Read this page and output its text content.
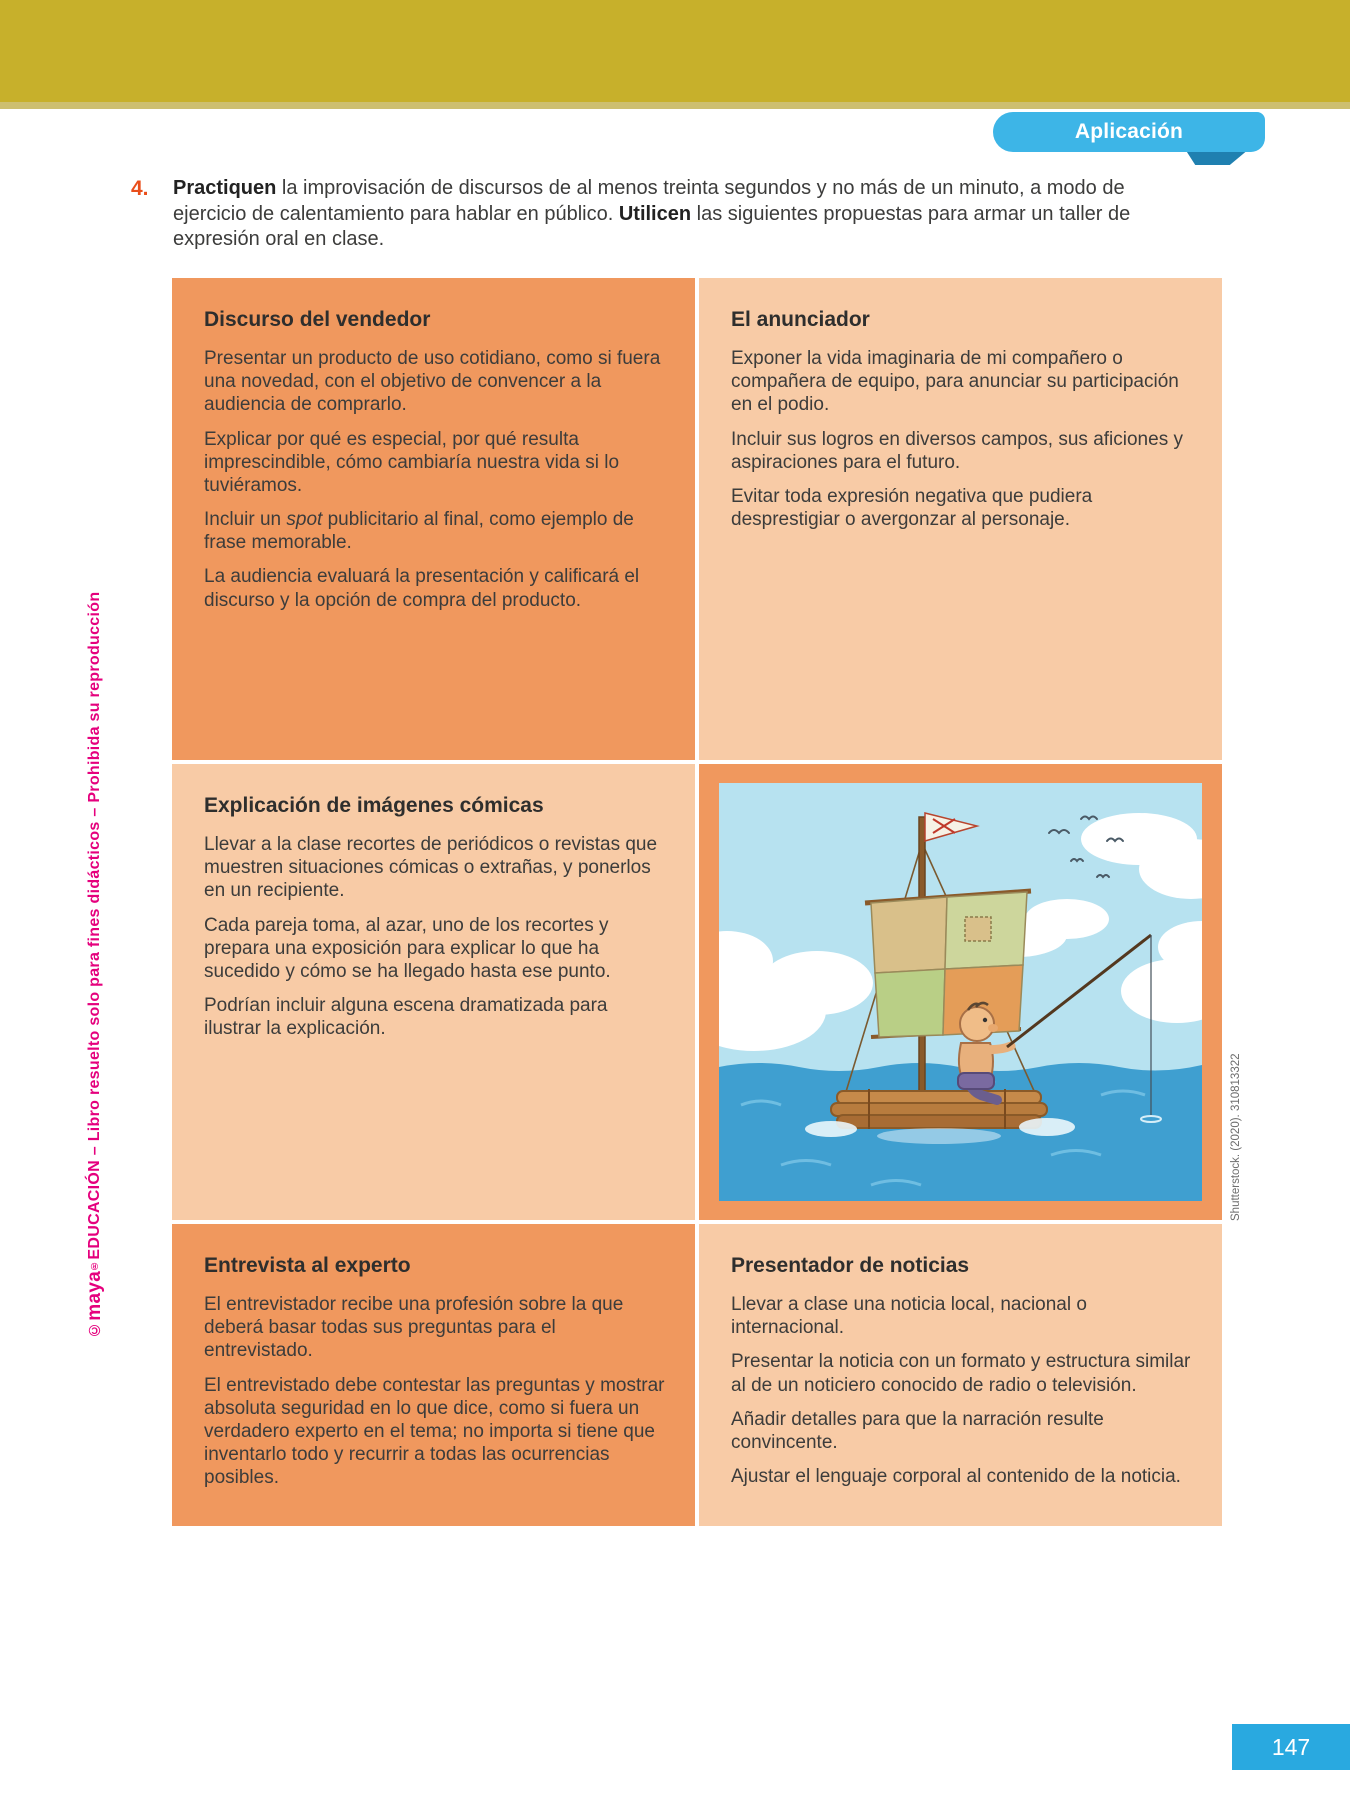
Aplicación
4. Practiquen la improvisación de discursos de al menos treinta segundos y no más de un minuto, a modo de ejercicio de calentamiento para hablar en público. Utilicen las siguientes propuestas para armar un taller de expresión oral en clase.

Discurso del vendedor

Presentar un producto de uso cotidiano, como si fuera una novedad, con el objetivo de convencer a la audiencia de comprarlo.

Explicar por qué es especial, por qué resulta imprescindible, cómo cambiaría nuestra vida si lo tuviéramos.

Incluir un spot publicitario al final, como ejemplo de frase memorable.

La audiencia evaluará la presentación y calificará el discurso y la opción de compra del producto.

El anunciador

Exponer la vida imaginaria de mi compañero o compañera de equipo, para anunciar su participación en el podio.

Incluir sus logros en diversos campos, sus aficiones y aspiraciones para el futuro.

Evitar toda expresión negativa que pudiera desprestigiar o avergonzar al personaje.

Explicación de imágenes cómicas

Llevar a la clase recortes de periódicos o revistas que muestren situaciones cómicas o extrañas, y ponerlos en un recipiente.

Cada pareja toma, al azar, uno de los recortes y prepara una exposición para explicar lo que ha sucedido y cómo se ha llegado hasta ese punto.

Podrían incluir alguna escena dramatizada para ilustrar la explicación.

Entrevista al experto

El entrevistador recibe una profesión sobre la que deberá basar todas sus preguntas para el entrevistado.

El entrevistado debe contestar las preguntas y mostrar absoluta seguridad en lo que dice, como si fuera un verdadero experto en el tema; no importa si tiene que inventarlo todo y recurrir a todas las ocurrencias posibles.

Presentador de noticias

Llevar a clase una noticia local, nacional o internacional.

Presentar la noticia con un formato y estructura similar al de un noticiero conocido de radio o televisión.

Añadir detalles para que la narración resulte convincente.

Ajustar el lenguaje corporal al contenido de la noticia.

©maya®EDUCACIÓN – Libro resuelto solo para fines didácticos – Prohibida su reproducción	Shutterstock. (2020). 310813322
147
